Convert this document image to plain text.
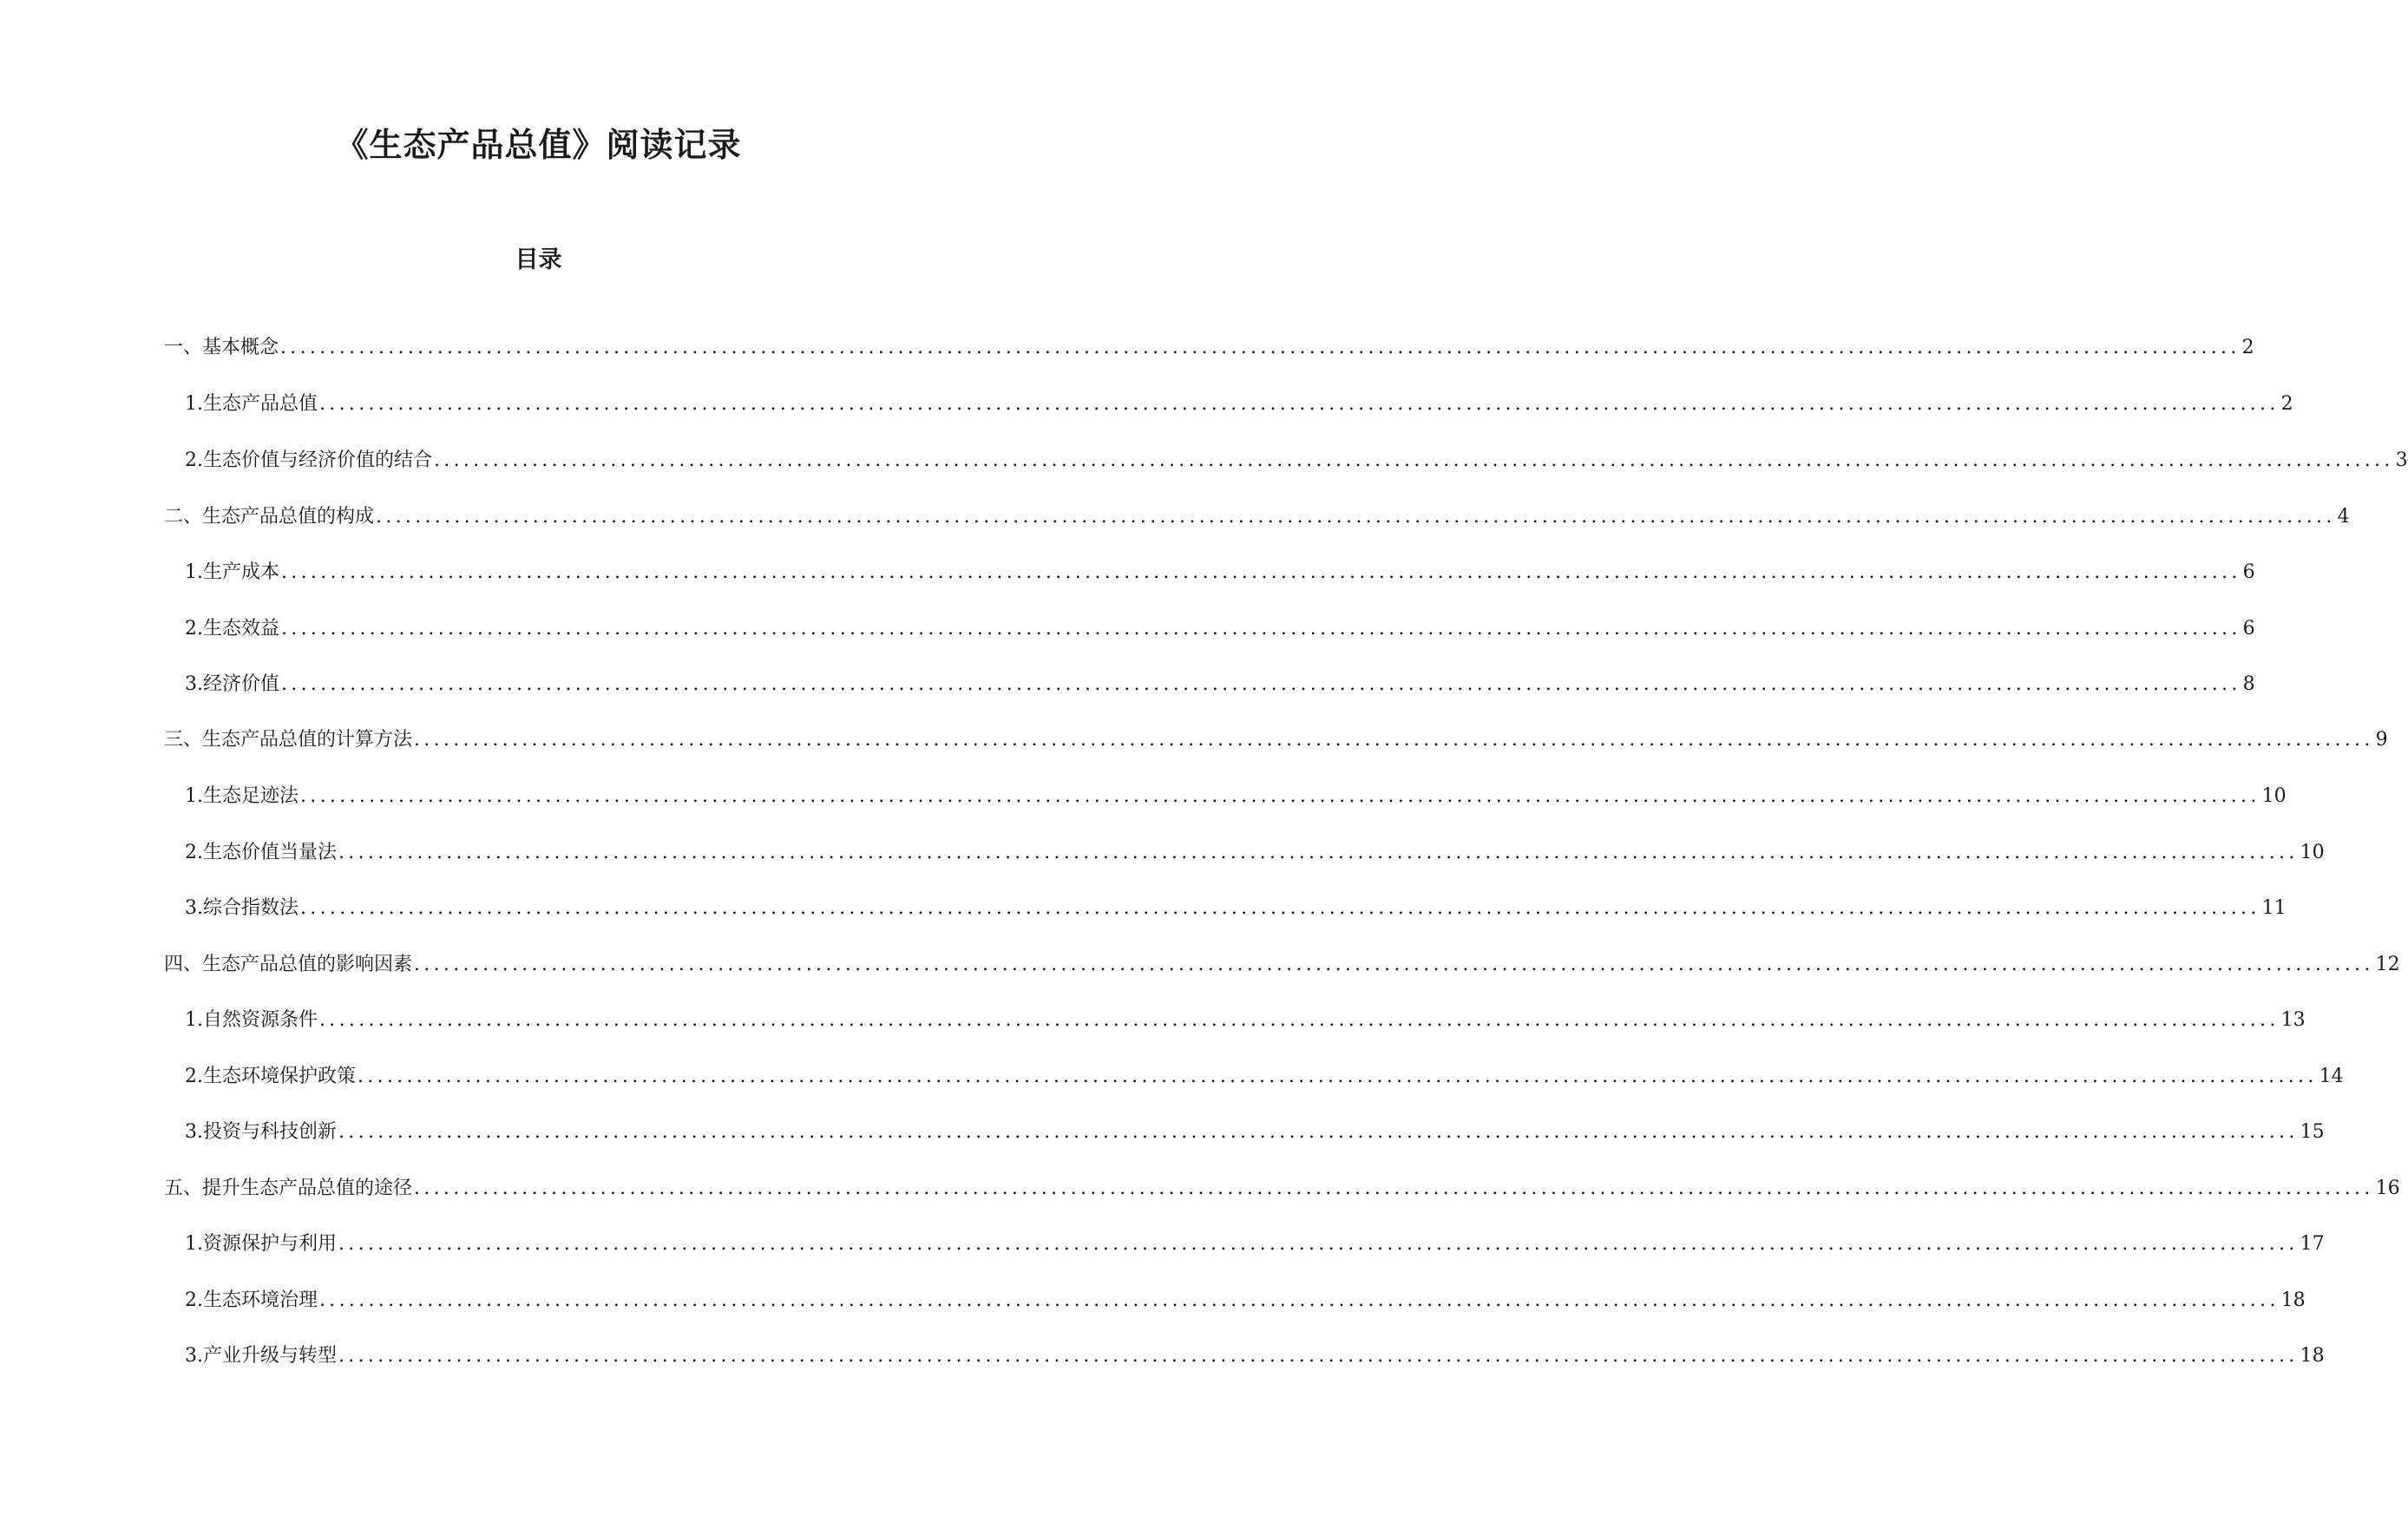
《生态产品总值》阅读记录
目录
一、基本概念 ........................................................................................................................................................................................................ 2
1. 生态产品总值 ........................................................................................................................................................................................................ 2
2. 生态价值与经济价值的结合 ........................................................................................................................................................................................................ 3
二、生态产品总值的构成 ........................................................................................................................................................................................................ 4
1. 生产成本 ........................................................................................................................................................................................................ 6
2. 生态效益 ........................................................................................................................................................................................................ 6
3. 经济价值 ........................................................................................................................................................................................................ 8
三、生态产品总值的计算方法 ........................................................................................................................................................................................................ 9
1. 生态足迹法 ........................................................................................................................................................................................................ 10
2. 生态价值当量法 ........................................................................................................................................................................................................ 10
3. 综合指数法 ........................................................................................................................................................................................................ 11
四、生态产品总值的影响因素 ........................................................................................................................................................................................................ 12
1. 自然资源条件 ........................................................................................................................................................................................................ 13
2. 生态环境保护政策 ........................................................................................................................................................................................................ 14
3. 投资与科技创新 ........................................................................................................................................................................................................ 15
五、提升生态产品总值的途径 ........................................................................................................................................................................................................ 16
1. 资源保护与利用 ........................................................................................................................................................................................................ 17
2. 生态环境治理 ........................................................................................................................................................................................................ 18
3. 产业升级与转型 ........................................................................................................................................................................................................ 18
